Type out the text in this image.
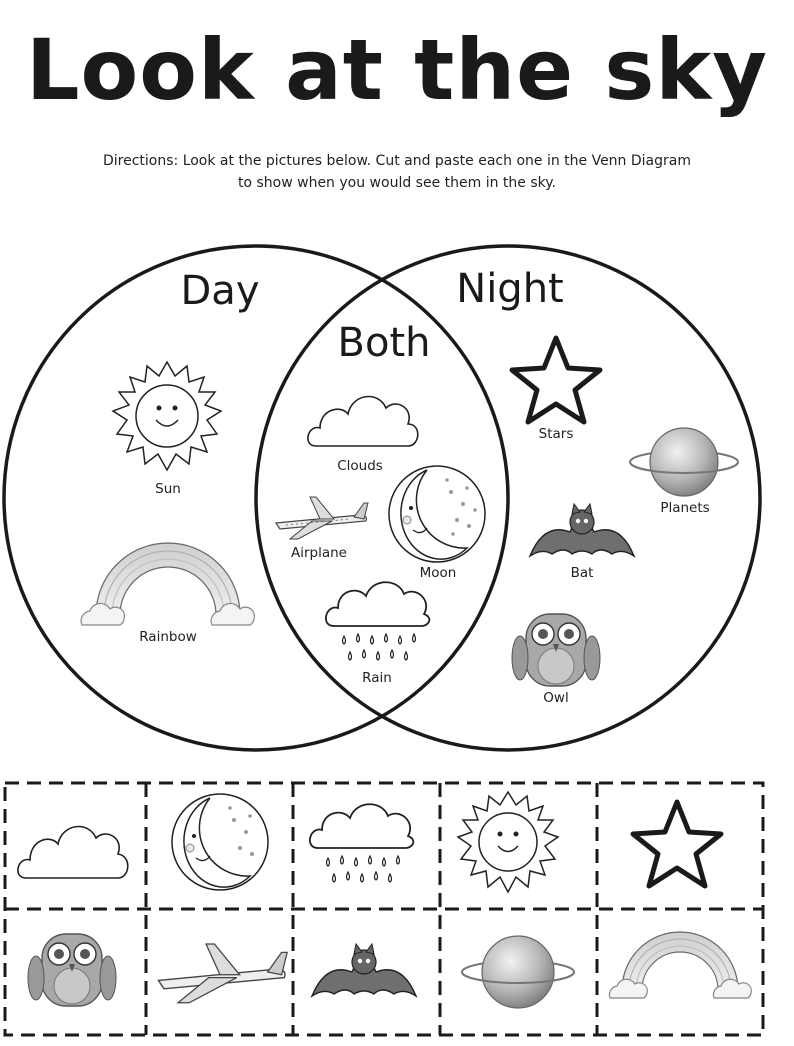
Look at the sky
Directions: Look at the pictures below. Cut and paste each one in the Venn Diagram
to show when you would see them in the sky.
Day	Night
Both
Sun
Rainbow
Clouds
Airplane
Moon
Rain
Stars
Planets
Bat
Owl
